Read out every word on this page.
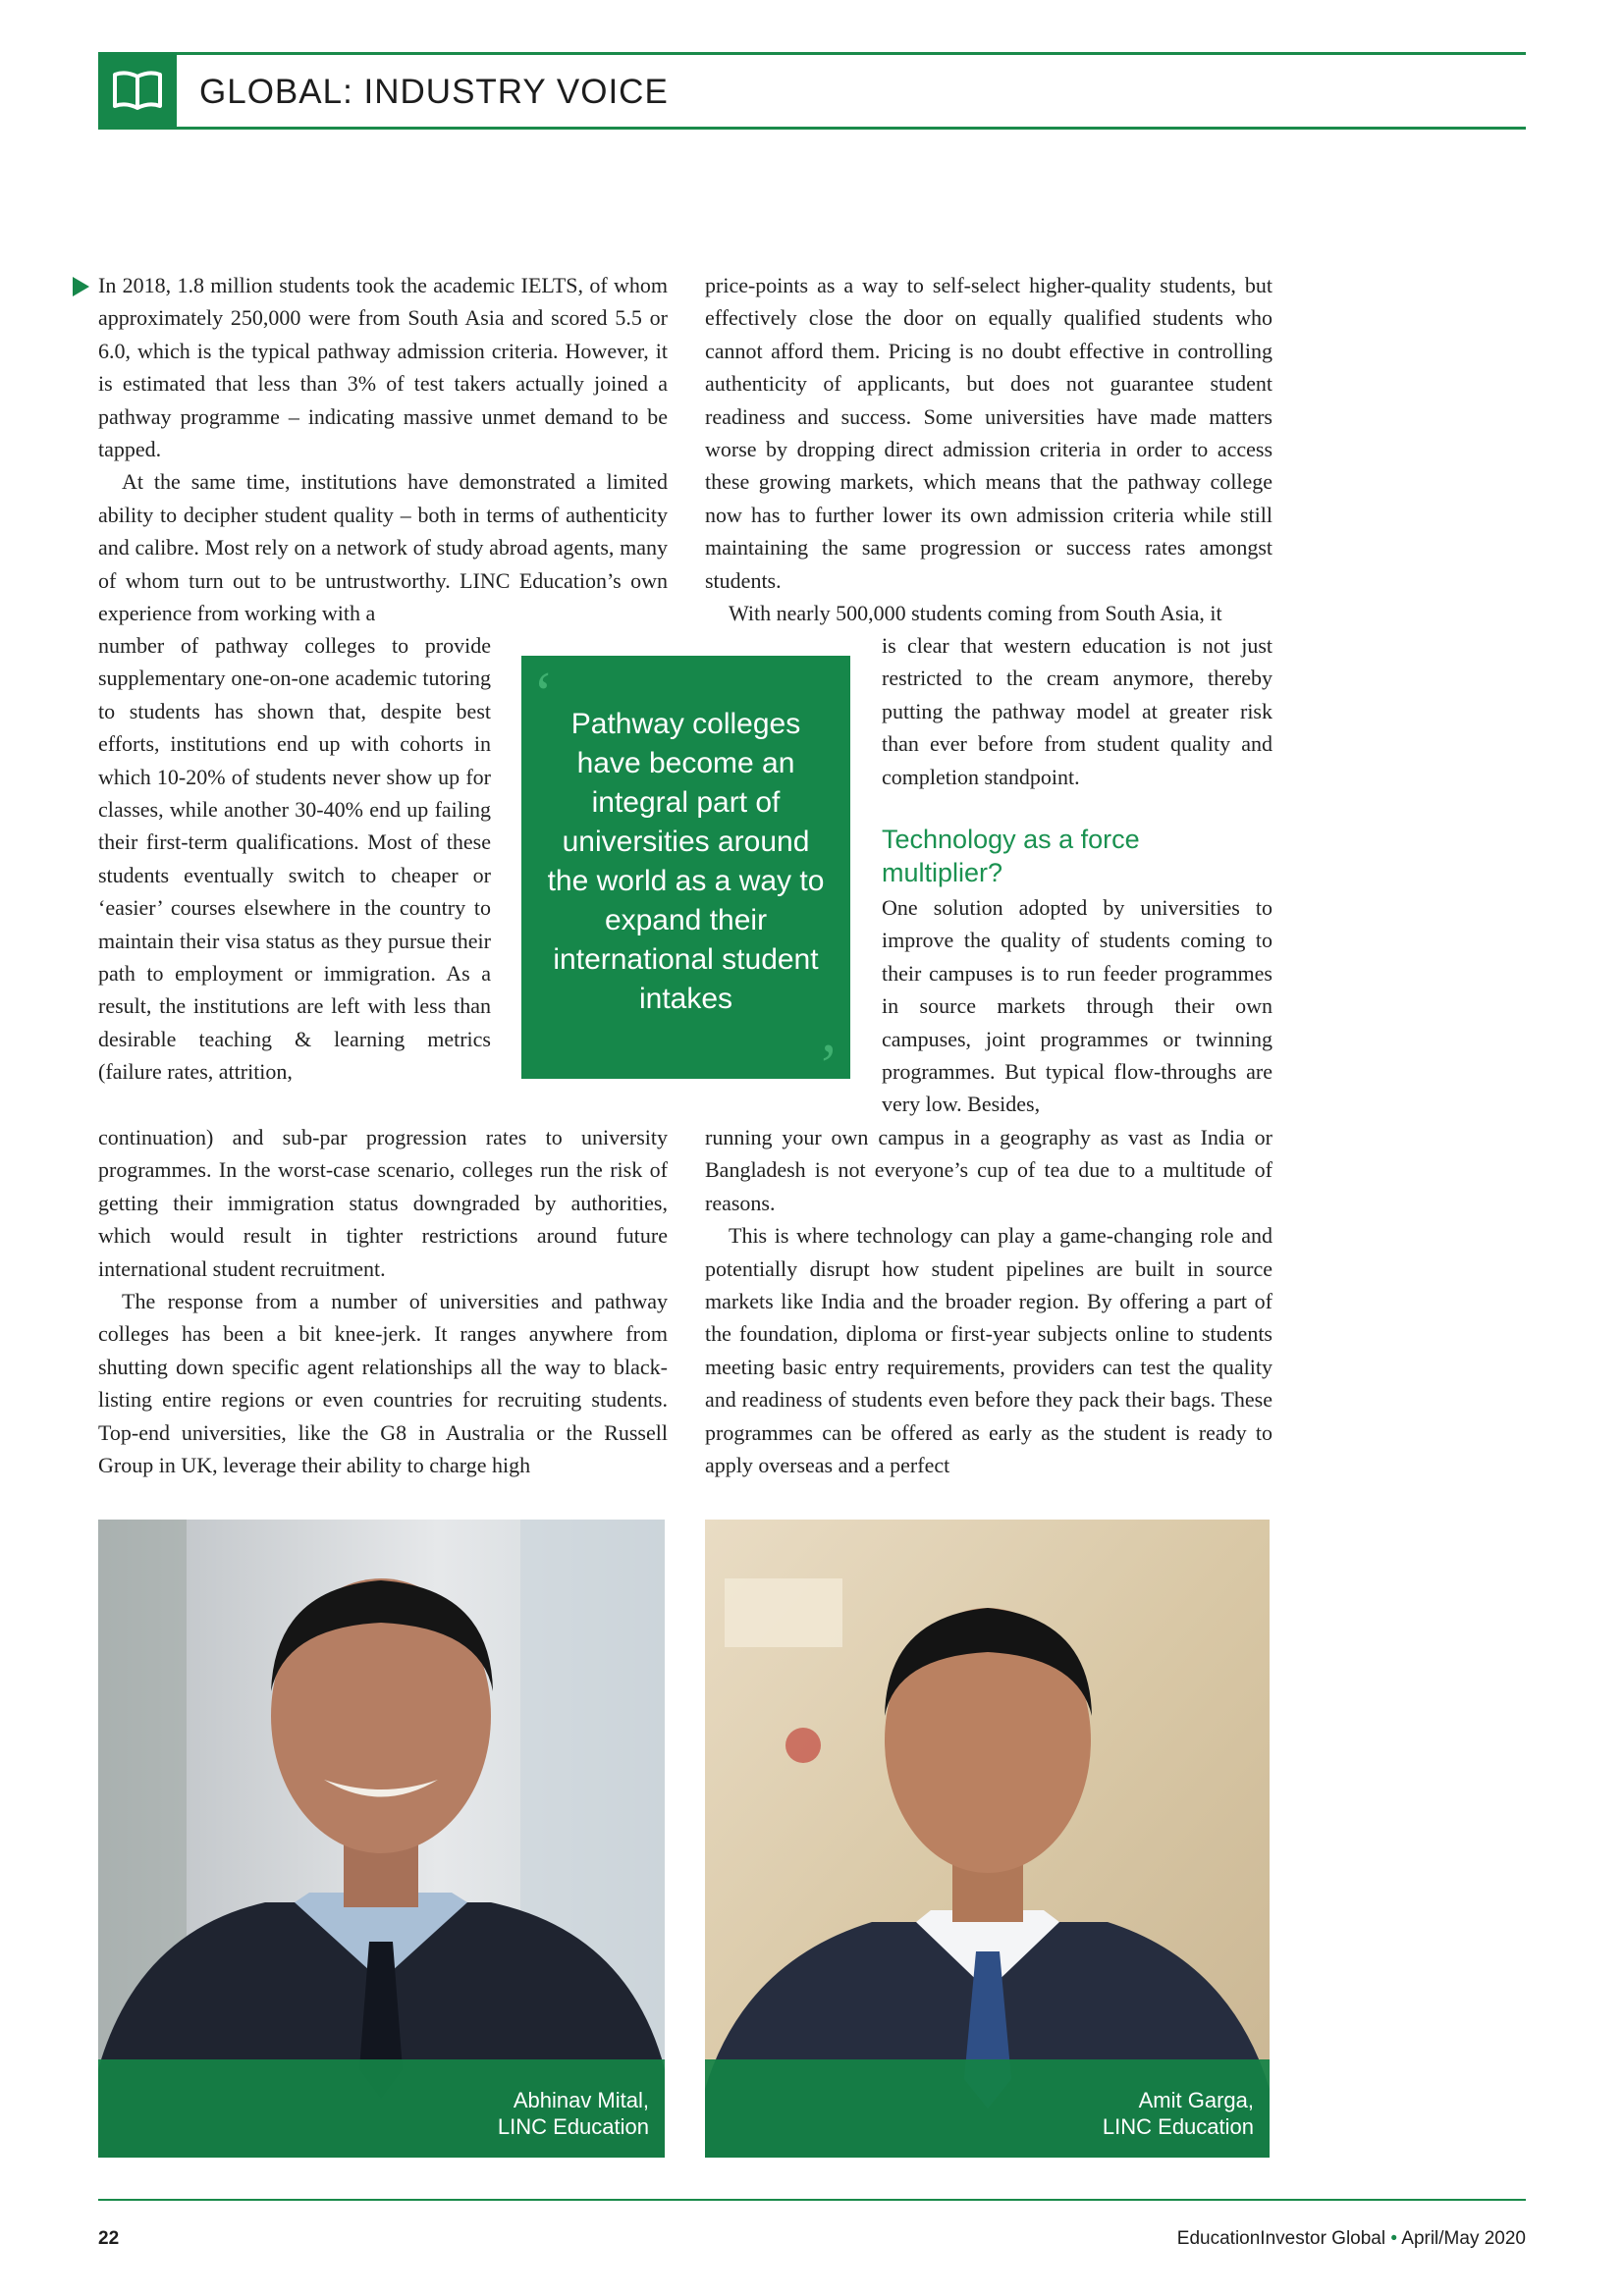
GLOBAL: INDUSTRY VOICE

In 2018, 1.8 million students took the academic IELTS, of whom approximately 250,000 were from South Asia and scored 5.5 or 6.0, which is the typical pathway admission criteria. However, it is estimated that less than 3% of test takers actually joined a pathway programme – indicating massive unmet demand to be tapped.

At the same time, institutions have demonstrated a limited ability to decipher student quality – both in terms of authenticity and calibre. Most rely on a network of study abroad agents, many of whom turn out to be untrustworthy. LINC Education’s own experience from working with a

number of pathway colleges to provide supplementary one-on-one academic tutoring to students has shown that, despite best efforts, institutions end up with cohorts in which 10-20% of students never show up for classes, while another 30-40% end up failing their first-term qualifications. Most of these students eventually switch to cheaper or ‘easier’ courses elsewhere in the country to maintain their visa status as they pursue their path to employment or immigration. As a result, the institutions are left with less than desirable teaching & learning metrics (failure rates, attrition,

continuation) and sub-par progression rates to university programmes. In the worst-case scenario, colleges run the risk of getting their immigration status downgraded by authorities, which would result in tighter restrictions around future international student recruitment.

The response from a number of universities and pathway colleges has been a bit knee-jerk. It ranges anywhere from shutting down specific agent relationships all the way to black-listing entire regions or even countries for recruiting students. Top-end universities, like the G8 in Australia or the Russell Group in UK, leverage their ability to charge high

price-points as a way to self-select higher-quality students, but effectively close the door on equally qualified students who cannot afford them. Pricing is no doubt effective in controlling authenticity of applicants, but does not guarantee student readiness and success. Some universities have made matters worse by dropping direct admission criteria in order to access these growing markets, which means that the pathway college now has to further lower its own admission criteria while still maintaining the same progression or success rates amongst students.

With nearly 500,000 students coming from South Asia, it

is clear that western education is not just restricted to the cream anymore, thereby putting the pathway model at greater risk than ever before from student quality and completion standpoint.

Technology as a force multiplier?

One solution adopted by universities to improve the quality of students coming to their campuses is to run feeder programmes in source markets through their own campuses, joint programmes or twinning programmes. But typical flow-throughs are very low. Besides,

running your own campus in a geography as vast as India or Bangladesh is not everyone’s cup of tea due to a multitude of reasons.

This is where technology can play a game-changing role and potentially disrupt how student pipelines are built in source markets like India and the broader region. By offering a part of the foundation, diploma or first-year subjects online to students meeting basic entry requirements, providers can test the quality and readiness of students even before they pack their bags. These programmes can be offered as early as the student is ready to apply overseas and a perfect

‘ Pathway colleges have become an integral part of universities around the world as a way to expand their international student intakes
’
Abhinav Mital,
LINC Education
Amit Garga,
LINC Education
22	EducationInvestor Global • April/May 2020
